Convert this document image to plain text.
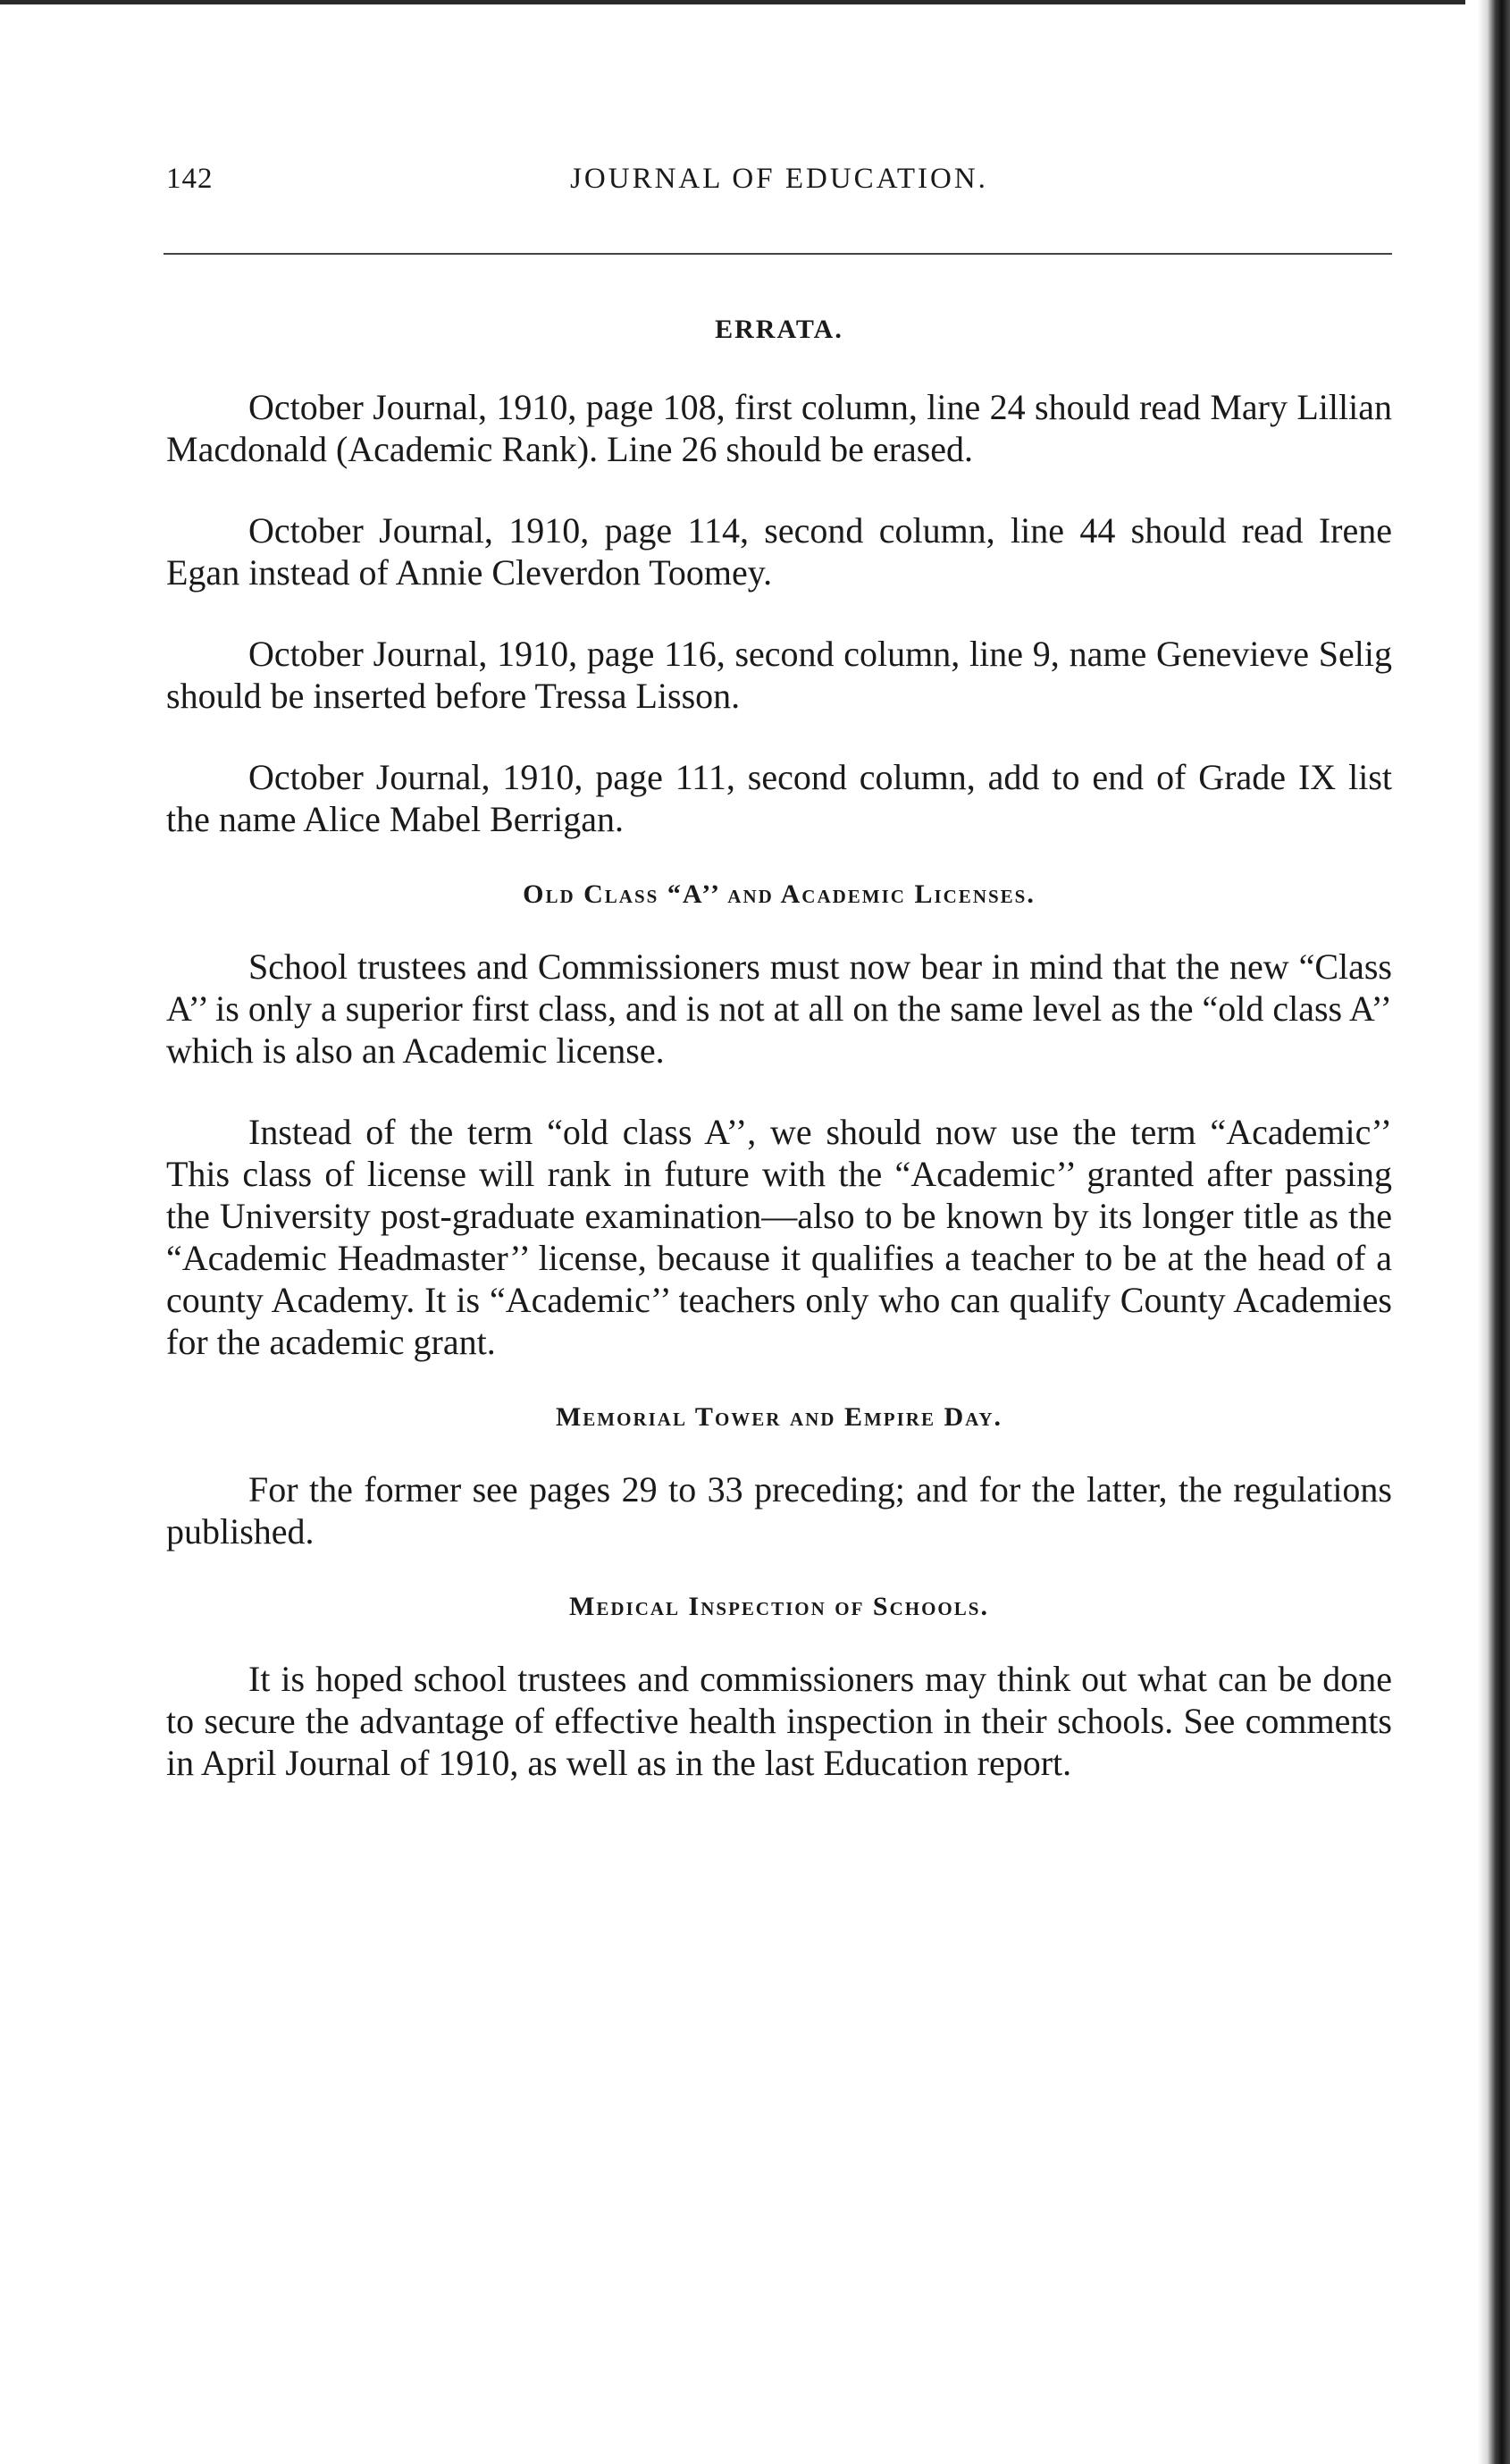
142	JOURNAL OF EDUCATION.
ERRATA.

October Journal, 1910, page 108, first column, line 24 should read Mary Lillian Macdonald (Academic Rank). Line 26 should be erased.

October Journal, 1910, page 114, second column, line 44 should read Irene Egan instead of Annie Cleverdon Toomey.

October Journal, 1910, page 116, second column, line 9, name Genevieve Selig should be inserted before Tressa Lisson.

October Journal, 1910, page 111, second column, add to end of Grade IX list the name Alice Mabel Berrigan.

Old Class “A’’ and Academic Licenses.

School trustees and Commissioners must now bear in mind that the new “Class A’’ is only a superior first class, and is not at all on the same level as the “old class A’’ which is also an Academic license.

Instead of the term “old class A’’, we should now use the term “Academic’’ This class of license will rank in future with the “Academic’’ granted after passing the University post-graduate examination—also to be known by its longer title as the “Academic Headmaster’’ license, because it qualifies a teacher to be at the head of a county Academy. It is “Academic’’ teachers only who can qualify County Academies for the academic grant.

Memorial Tower and Empire Day.

For the former see pages 29 to 33 preceding; and for the latter, the regulations published.

Medical Inspection of Schools.

It is hoped school trustees and commissioners may think out what can be done to secure the advantage of effective health inspection in their schools. See comments in April Journal of 1910, as well as in the last Education report.
